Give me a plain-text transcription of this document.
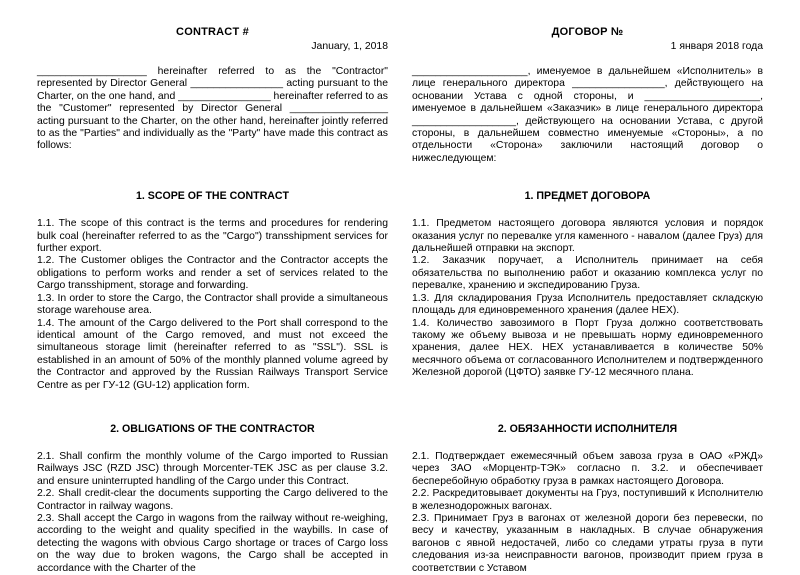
CONTRACT #
January, 1, 2018
ДОГОВОР №
1 января 2018 года

___________________ hereinafter referred to as the "Contractor" represented by Director General ________________ acting pursuant to the Charter, on the one hand, and ________________ hereinafter referred to as the "Customer" represented by Director General _________________ acting pursuant to the Charter, on the other hand, hereinafter jointly referred to as the "Parties" and individually as the "Party" have made this contract as follows:

____________________, именуемое в дальнейшем «Исполнитель» в лице генерального директора ________________, действующего на основании Устава с одной стороны, и ____________________, именуемое в дальнейшем «Заказчик» в лице генерального директора __________________, действующего на основании Устава, с другой стороны, в дальнейшем совместно именуемые «Стороны», а по отдельности «Сторона» заключили настоящий договор о нижеследующем:

1. SCOPE OF THE CONTRACT	1. ПРЕДМЕТ ДОГОВОРА

1.1. The scope of this contract is the terms and procedures for rendering bulk coal (hereinafter referred to as the "Cargo") transshipment services for further export.

1.2. The Customer obliges the Contractor and the Contractor accepts the obligations to perform works and render a set of services related to the Cargo transshipment, storage and forwarding.

1.3. In order to store the Cargo, the Contractor shall provide a simultaneous storage warehouse area.

1.4. The amount of the Cargo delivered to the Port shall correspond to the identical amount of the Cargo removed, and must not exceed the simultaneous storage limit (hereinafter referred to as "SSL"). SSL is established in an amount of 50% of the monthly planned volume agreed by the Contractor and approved by the Russian Railways Transport Service Centre as per ГУ-12 (GU-12) application form.

1.1. Предметом настоящего договора являются условия и порядок оказания услуг по перевалке угля каменного - навалом (далее Груз) для дальнейшей отправки на экспорт.

1.2. Заказчик поручает, а Исполнитель принимает на себя обязательства по выполнению работ и оказанию комплекса услуг по перевалке, хранению и экспедированию Груза.

1.3. Для складирования Груза Исполнитель предоставляет складскую площадь для единовременного хранения (далее НЕХ).

1.4. Количество завозимого в Порт Груза должно соответствовать такому же объему вывоза и не превышать норму единовременного хранения, далее НЕХ. НЕХ устанавливается в количестве 50% месячного объема от согласованного Исполнителем и подтвержденного Железной дорогой (ЦФТО) заявке ГУ-12 месячного плана.

2. OBLIGATIONS OF THE CONTRACTOR	2. ОБЯЗАННОСТИ ИСПОЛНИТЕЛЯ

2.1. Shall confirm the monthly volume of the Cargo imported to Russian Railways JSC (RZD JSC) through Morcenter-TEK JSC as per clause 3.2. and ensure uninterrupted handling of the Cargo under this Contract.

2.2. Shall credit-clear the documents supporting the Cargo delivered to the Contractor in railway wagons.

2.3. Shall accept the Cargo in wagons from the railway without re-weighing, according to the weight and quality specified in the waybills. In case of detecting the wagons with obvious Cargo shortage or traces of Cargo loss on the way due to broken wagons, the Cargo shall be accepted in accordance with the Charter of the

2.1. Подтверждает ежемесячный объем завоза груза в ОАО «РЖД» через ЗАО «Морцентр-ТЭК» согласно п. 3.2. и обеспечивает бесперебойную обработку груза в рамках настоящего Договора.

2.2. Раскредитовывает документы на Груз, поступивший к Исполнителю в железнодорожных вагонах.

2.3. Принимает Груз в вагонах от железной дороги без перевески, по весу и качеству, указанным в накладных. В случае обнаружения вагонов с явной недостачей, либо со следами утраты груза в пути следования из-за неисправности вагонов, производит прием груза в соответствии с Уставом
